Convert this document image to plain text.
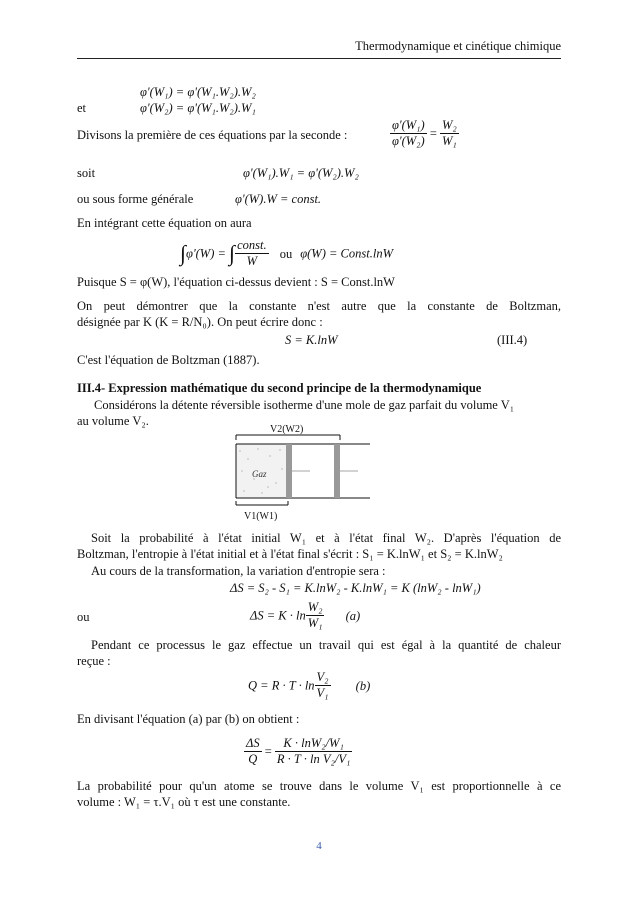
Thermodynamique et cinétique chimique
φ'(W₁) = φ'(W₁.W₂).W₂
et	φ'(W₂) = φ'(W₁.W₂).W₁
Divisons la première de ces équations par la seconde :	$\frac{\text{φ'(W₁)}}{\text{φ'(W₂)}} = \frac{\text{W₂}}{\text{W₁}}$
soit	φ'(W₁).W₁ = φ'(W₂).W₂
ou sous forme générale	φ'(W).W = const.
En intégrant cette équation on aura
∫φ'(W) = ∫ $\frac{\text{const.}}{W}$ ou φ(W) = Const.lnW
Puisque S = φ(W), l'équation ci-dessus devient : S = Const.lnW
On peut démontrer que la constante n'est autre que la constante de Boltzman,
désignée par K (K = R/N₀). On peut écrire donc :
S = K.lnW	(III.4)
C'est l'équation de Boltzman (1887).
III.4- Expression mathématique du second principe de la thermodynamique
Considérons la détente réversible isotherme d'une mole de gaz parfait du volume V₁
au volume V₂.
V2(W2)
Gaz
V1(W1)
Soit la probabilité à l'état initial W₁ et à l'état final W₂. D'après l'équation de
Boltzman, l'entropie à l'état initial et à l'état final s'écrit : S₁ = K.lnW₁ et S₂ = K.lnW₂
Au cours de la transformation, la variation d'entropie sera :
ΔS = S₂ - S₁ = K.lnW₂ - K.lnW₁ = K (lnW₂ - lnW₁)
ou	$\Delta S = K \cdot \ln \frac{\text{W₂}}{\text{W₁}} (a)$
Pendant ce processus le gaz effectue un travail qui est égal à la quantité de chaleur
reçue :
$Q = R \cdot T \cdot \ln \frac{\text{V₂}}{\text{V₁}} (b)$
En divisant l'équation (a) par (b) on obtient :
$\frac{\Delta S}{Q} = \frac{\text{K · lnW₂/W₁}}{\text{R · T · ln V₂/V₁}}$
La probabilité pour qu'un atome se trouve dans le volume V₁ est proportionnelle à ce
volume : W₁ = τ.V₁ où τ est une constante.
4
